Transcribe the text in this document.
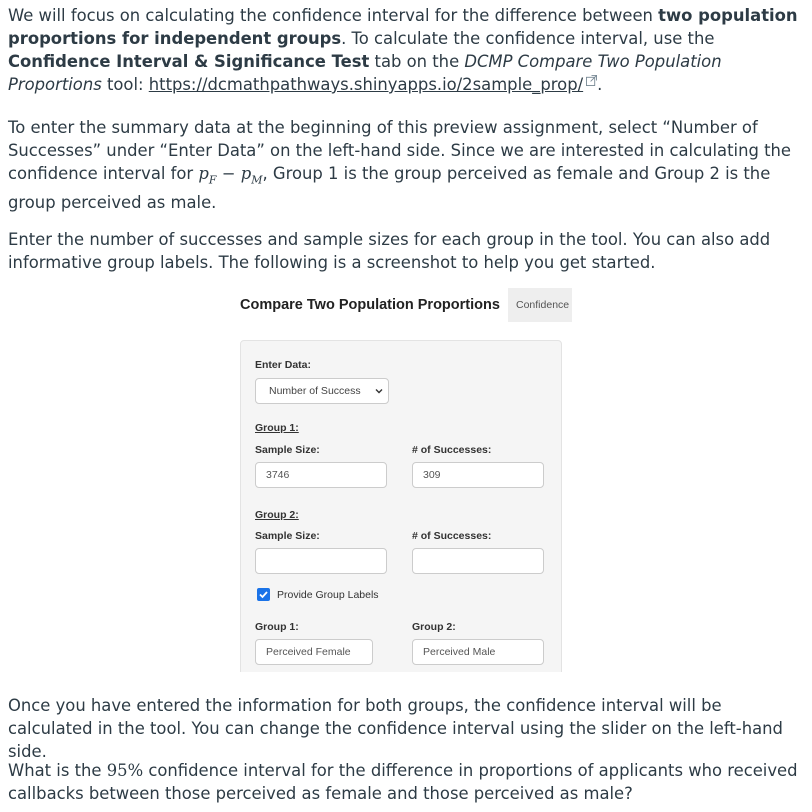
We will focus on calculating the confidence interval for the difference between two population proportions for independent groups. To calculate the confidence interval, use the Confidence Interval & Significance Test tab on the DCMP Compare Two Population Proportions tool: https://dcmathpathways.shinyapps.io/2sample_prop/ .

To enter the summary data at the beginning of this preview assignment, select “Number of Successes” under “Enter Data” on the left-hand side. Since we are interested in calculating the confidence interval for $p_F - p_M$, Group 1 is the group perceived as female and Group 2 is the group perceived as male.

Enter the number of successes and sample sizes for each group in the tool. You can also add informative group labels. The following is a screenshot to help you get started.

Compare Two Population Proportions	Confidence
Enter Data:
Number of Success
Group 1:
Sample Size:	# of Successes:
3746	309
Group 2:
Sample Size:	# of Successes:
Provide Group Labels
Group 1:	Group 2:
Perceived Female	Perceived Male

Once you have entered the information for both groups, the confidence interval will be calculated in the tool. You can change the confidence interval using the slider on the left-hand side.

What is the 95% confidence interval for the difference in proportions of applicants who received callbacks between those perceived as female and those perceived as male?
